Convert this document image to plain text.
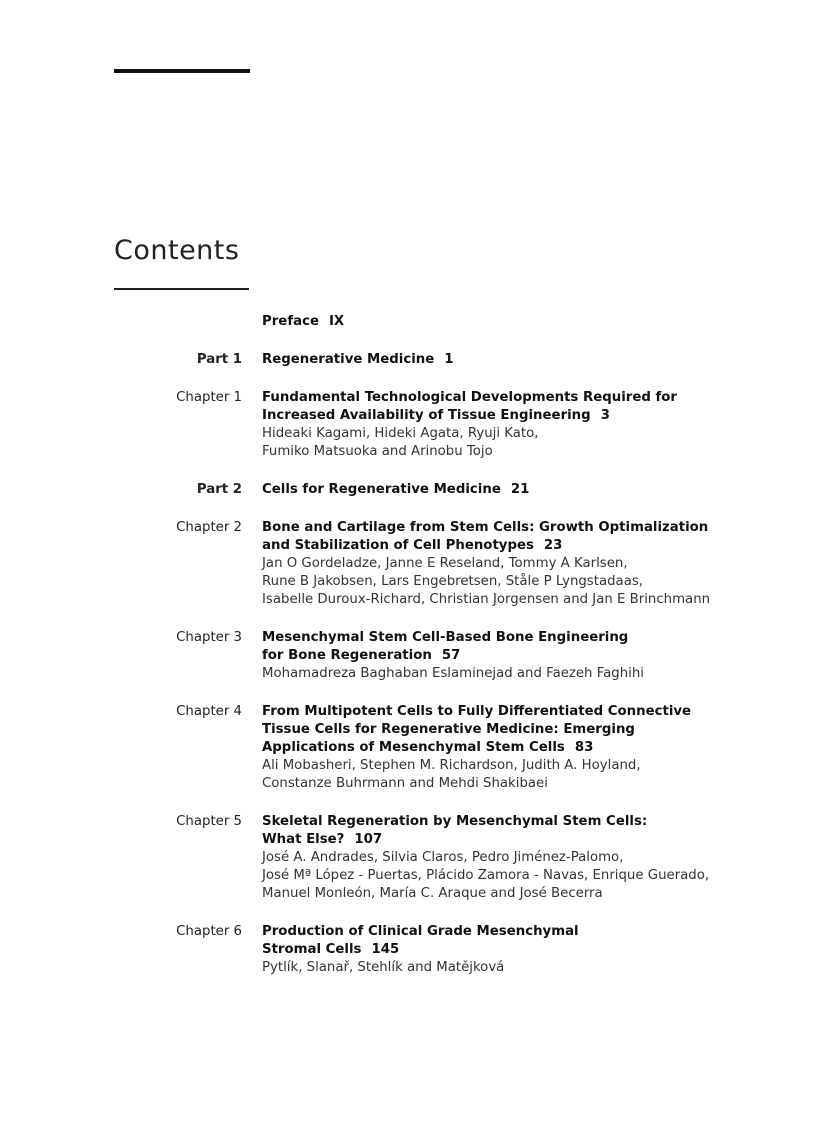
Contents
Preface IX
Part 1 Regenerative Medicine 1
Chapter 1 Fundamental Technological Developments Required for
Increased Availability of Tissue Engineering 3
Hideaki Kagami, Hideki Agata, Ryuji Kato,
Fumiko Matsuoka and Arinobu Tojo
Part 2 Cells for Regenerative Medicine 21
Chapter 2 Bone and Cartilage from Stem Cells: Growth Optimalization
and Stabilization of Cell Phenotypes 23
Jan O Gordeladze, Janne E Reseland, Tommy A Karlsen,
Rune B Jakobsen, Lars Engebretsen, Ståle P Lyngstadaas,
Isabelle Duroux-Richard, Christian Jorgensen and Jan E Brinchmann
Chapter 3 Mesenchymal Stem Cell-Based Bone Engineering
for Bone Regeneration 57
Mohamadreza Baghaban Eslaminejad and Faezeh Faghihi
Chapter 4 From Multipotent Cells to Fully Differentiated Connective
Tissue Cells for Regenerative Medicine: Emerging
Applications of Mesenchymal Stem Cells 83
Ali Mobasheri, Stephen M. Richardson, Judith A. Hoyland,
Constanze Buhrmann and Mehdi Shakibaei
Chapter 5 Skeletal Regeneration by Mesenchymal Stem Cells:
What Else? 107
José A. Andrades, Silvia Claros, Pedro Jiménez-Palomo,
José Mª López - Puertas, Plácido Zamora - Navas, Enrique Guerado,
Manuel Monleón, María C. Araque and José Becerra
Chapter 6 Production of Clinical Grade Mesenchymal
Stromal Cells 145
Pytlík, Slanař, Stehlík and Matějková
